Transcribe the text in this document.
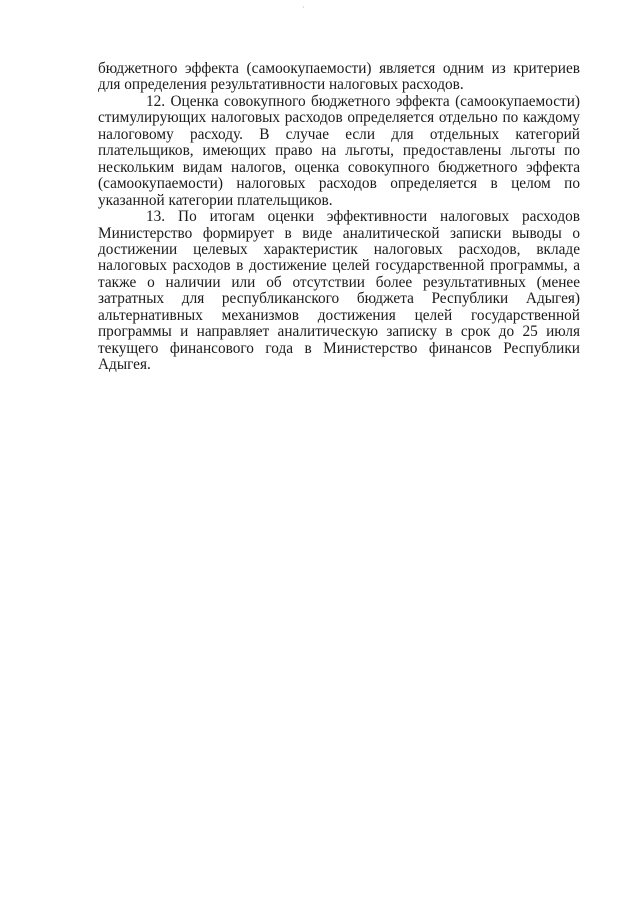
·

бюджетного эффекта (самоокупаемости) является одним из критериев для определения результативности налоговых расходов.

12. Оценка совокупного бюджетного эффекта (самоокупаемости) стимулирующих налоговых расходов определяется отдельно по каждому налоговому расходу. В случае если для отдельных категорий плательщиков, имеющих право на льготы, предоставлены льготы по нескольким видам налогов, оценка совокупного бюджетного эффекта (самоокупаемости) налоговых расходов определяется в целом по указанной категории плательщиков.

13. По итогам оценки эффективности налоговых расходов Министерство формирует в виде аналитической записки выводы о достижении целевых характеристик налоговых расходов, вкладе налоговых расходов в достижение целей государственной программы, а также о наличии или об отсутствии более результативных (менее затратных для республиканского бюджета Республики Адыгея) альтернативных механизмов достижения целей государственной программы и направляет аналитическую записку в срок до 25 июля текущего финансового года в Министерство финансов Республики Адыгея.
